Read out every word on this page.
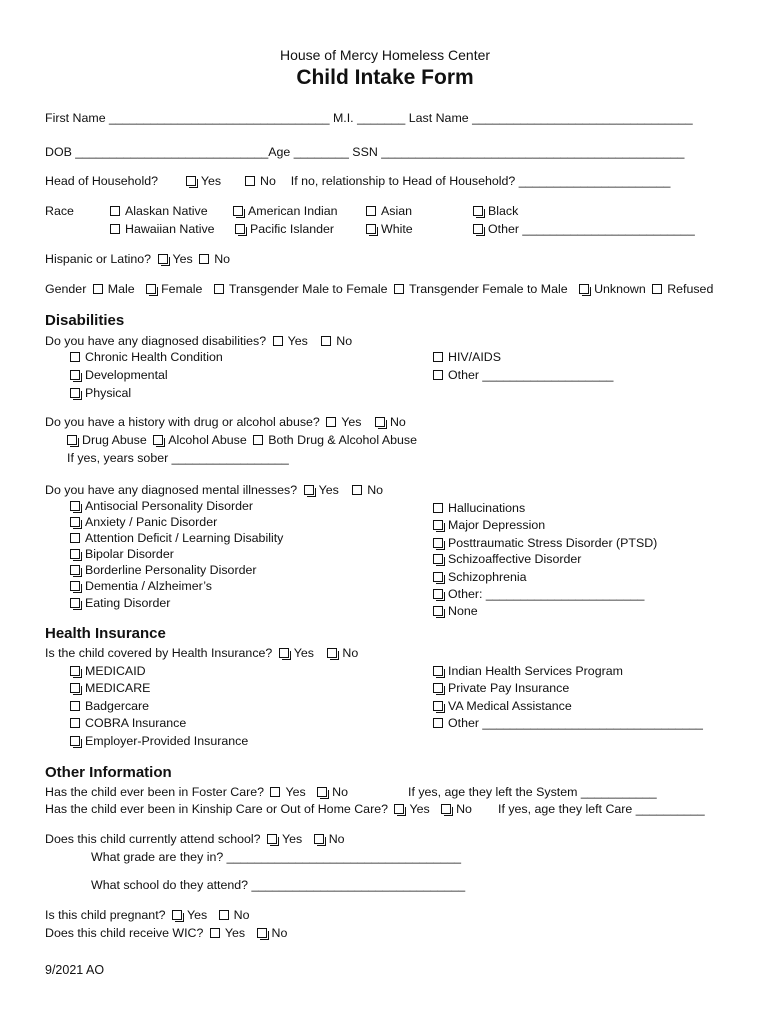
House of Mercy Homeless Center
Child Intake Form
First Name ________________________________ M.I. _______ Last Name ________________________________
DOB ____________________________Age ________ SSN ____________________________________________
Head of Household?	Yes	No If no, relationship to Head of Household? ______________________
Race	Alaskan Native	American Indian	Asian	Black
Hawaiian Native	Pacific Islander	White	Other _________________________
Hispanic or Latino? Yes No
Gender Male Female Transgender Male to Female Transgender Female to Male Unknown Refused
Disabilities
Do you have any diagnosed disabilities? Yes No
Chronic Health Condition
Developmental
Physical
HIV/AIDS
Other ___________________
Do you have a history with drug or alcohol abuse? Yes No
Drug Abuse Alcohol Abuse Both Drug & Alcohol Abuse
If yes, years sober _________________
Do you have any diagnosed mental illnesses? Yes No
Antisocial Personality Disorder
Anxiety / Panic Disorder
Attention Deficit / Learning Disability
Bipolar Disorder
Borderline Personality Disorder
Dementia / Alzheimer’s
Eating Disorder
Hallucinations
Major Depression
Posttraumatic Stress Disorder (PTSD)
Schizoaffective Disorder
Schizophrenia
Other: _______________________
None
Health Insurance
Is the child covered by Health Insurance? Yes No
MEDICAID
MEDICARE
Badgercare
COBRA Insurance
Employer-Provided Insurance
Indian Health Services Program
Private Pay Insurance
VA Medical Assistance
Other ________________________________
Other Information
Has the child ever been in Foster Care? Yes No	If yes, age they left the System ___________
Has the child ever been in Kinship Care or Out of Home Care? Yes No If yes, age they left Care __________
Does this child currently attend school? Yes No
What grade are they in? __________________________________
What school do they attend? _______________________________
Is this child pregnant? Yes No
Does this child receive WIC? Yes No
9/2021 AO
